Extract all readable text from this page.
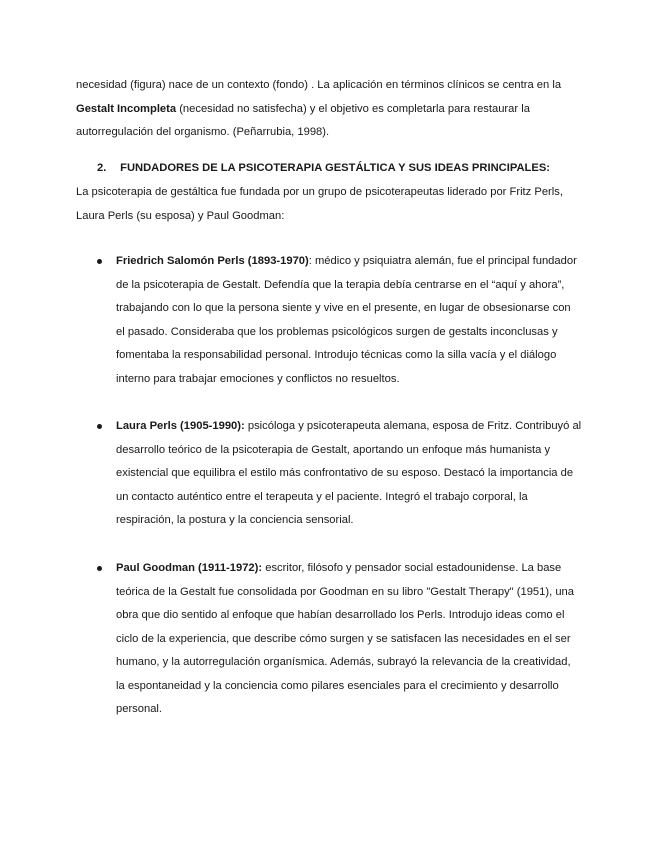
necesidad (figura) nace de un contexto (fondo) . La aplicación en términos clínicos se centra en la Gestalt Incompleta (necesidad no satisfecha) y el objetivo es completarla para restaurar la autorregulación del organismo. (Peñarrubia, 1998).

2. FUNDADORES DE LA PSICOTERAPIA GESTÁLTICA Y SUS IDEAS PRINCIPALES:

La psicoterapia de gestáltica fue fundada por un grupo de psicoterapeutas liderado por Fritz Perls, Laura Perls (su esposa) y Paul Goodman:

Friedrich Salomón Perls (1893-1970): médico y psiquiatra alemán, fue el principal fundador de la psicoterapia de Gestalt. Defendía que la terapia debía centrarse en el “aquí y ahora”, trabajando con lo que la persona siente y vive en el presente, en lugar de obsesionarse con el pasado. Consideraba que los problemas psicológicos surgen de gestalts inconclusas y fomentaba la responsabilidad personal. Introdujo técnicas como la silla vacía y el diálogo interno para trabajar emociones y conflictos no resueltos.

Laura Perls (1905-1990): psicóloga y psicoterapeuta alemana, esposa de Fritz. Contribuyó al desarrollo teórico de la psicoterapia de Gestalt, aportando un enfoque más humanista y existencial que equilibra el estilo más confrontativo de su esposo. Destacó la importancia de un contacto auténtico entre el terapeuta y el paciente. Integró el trabajo corporal, la respiración, la postura y la conciencia sensorial.

Paul Goodman (1911-1972): escritor, filósofo y pensador social estadounidense. La base teórica de la Gestalt fue consolidada por Goodman en su libro "Gestalt Therapy" (1951), una obra que dio sentido al enfoque que habían desarrollado los Perls. Introdujo ideas como el ciclo de la experiencia, que describe cómo surgen y se satisfacen las necesidades en el ser humano, y la autorregulación organísmica. Además, subrayó la relevancia de la creatividad, la espontaneidad y la conciencia como pilares esenciales para el crecimiento y desarrollo personal.
